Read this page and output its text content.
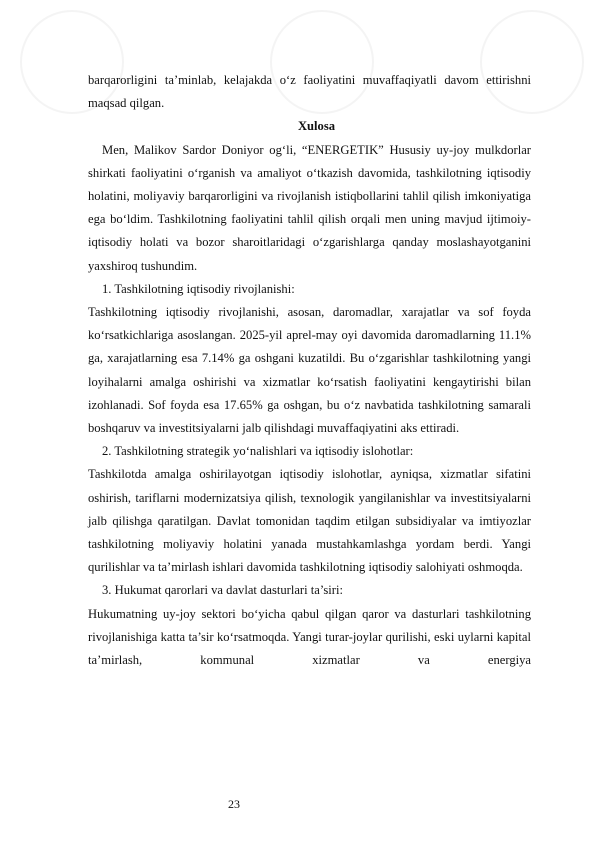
barqarorligini ta’minlab, kelajakda o‘z faoliyatini muvaffaqiyatli davom ettirishni maqsad qilgan.

Xulosa

Men, Malikov Sardor Doniyor og‘li, “ENERGETIK” Hususiy uy-joy mulkdorlar shirkati faoliyatini o‘rganish va amaliyot o‘tkazish davomida, tashkilotning iqtisodiy holatini, moliyaviy barqarorligini va rivojlanish istiqbollarini tahlil qilish imkoniyatiga ega bo‘ldim. Tashkilotning faoliyatini tahlil qilish orqali men uning mavjud ijtimoiy-iqtisodiy holati va bozor sharoitlaridagi o‘zgarishlarga qanday moslashayotganini yaxshiroq tushundim.

1. Tashkilotning iqtisodiy rivojlanishi:

Tashkilotning iqtisodiy rivojlanishi, asosan, daromadlar, xarajatlar va sof foyda ko‘rsatkichlariga asoslangan. 2025-yil aprel-may oyi davomida daromadlarning 11.1% ga, xarajatlarning esa 7.14% ga oshgani kuzatildi. Bu o‘zgarishlar tashkilotning yangi loyihalarni amalga oshirishi va xizmatlar ko‘rsatish faoliyatini kengaytirishi bilan izohlanadi. Sof foyda esa 17.65% ga oshgan, bu o‘z navbatida tashkilotning samarali boshqaruv va investitsiyalarni jalb qilishdagi muvaffaqiyatini aks ettiradi.

2. Tashkilotning strategik yo‘nalishlari va iqtisodiy islohotlar:

Tashkilotda amalga oshirilayotgan iqtisodiy islohotlar, ayniqsa, xizmatlar sifatini oshirish, tariflarni modernizatsiya qilish, texnologik yangilanishlar va investitsiyalarni jalb qilishga qaratilgan. Davlat tomonidan taqdim etilgan subsidiyalar va imtiyozlar tashkilotning moliyaviy holatini yanada mustahkamlashga yordam berdi. Yangi qurilishlar va ta’mirlash ishlari davomida tashkilotning iqtisodiy salohiyati oshmoqda.

3. Hukumat qarorlari va davlat dasturlari ta’siri:

Hukumatning uy-joy sektori bo‘yicha qabul qilgan qaror va dasturlari tashkilotning rivojlanishiga katta ta’sir ko‘rsatmoqda. Yangi turar-joylar qurilishi, eski uylarni kapital ta’mirlash, kommunal xizmatlar va energiya

23
